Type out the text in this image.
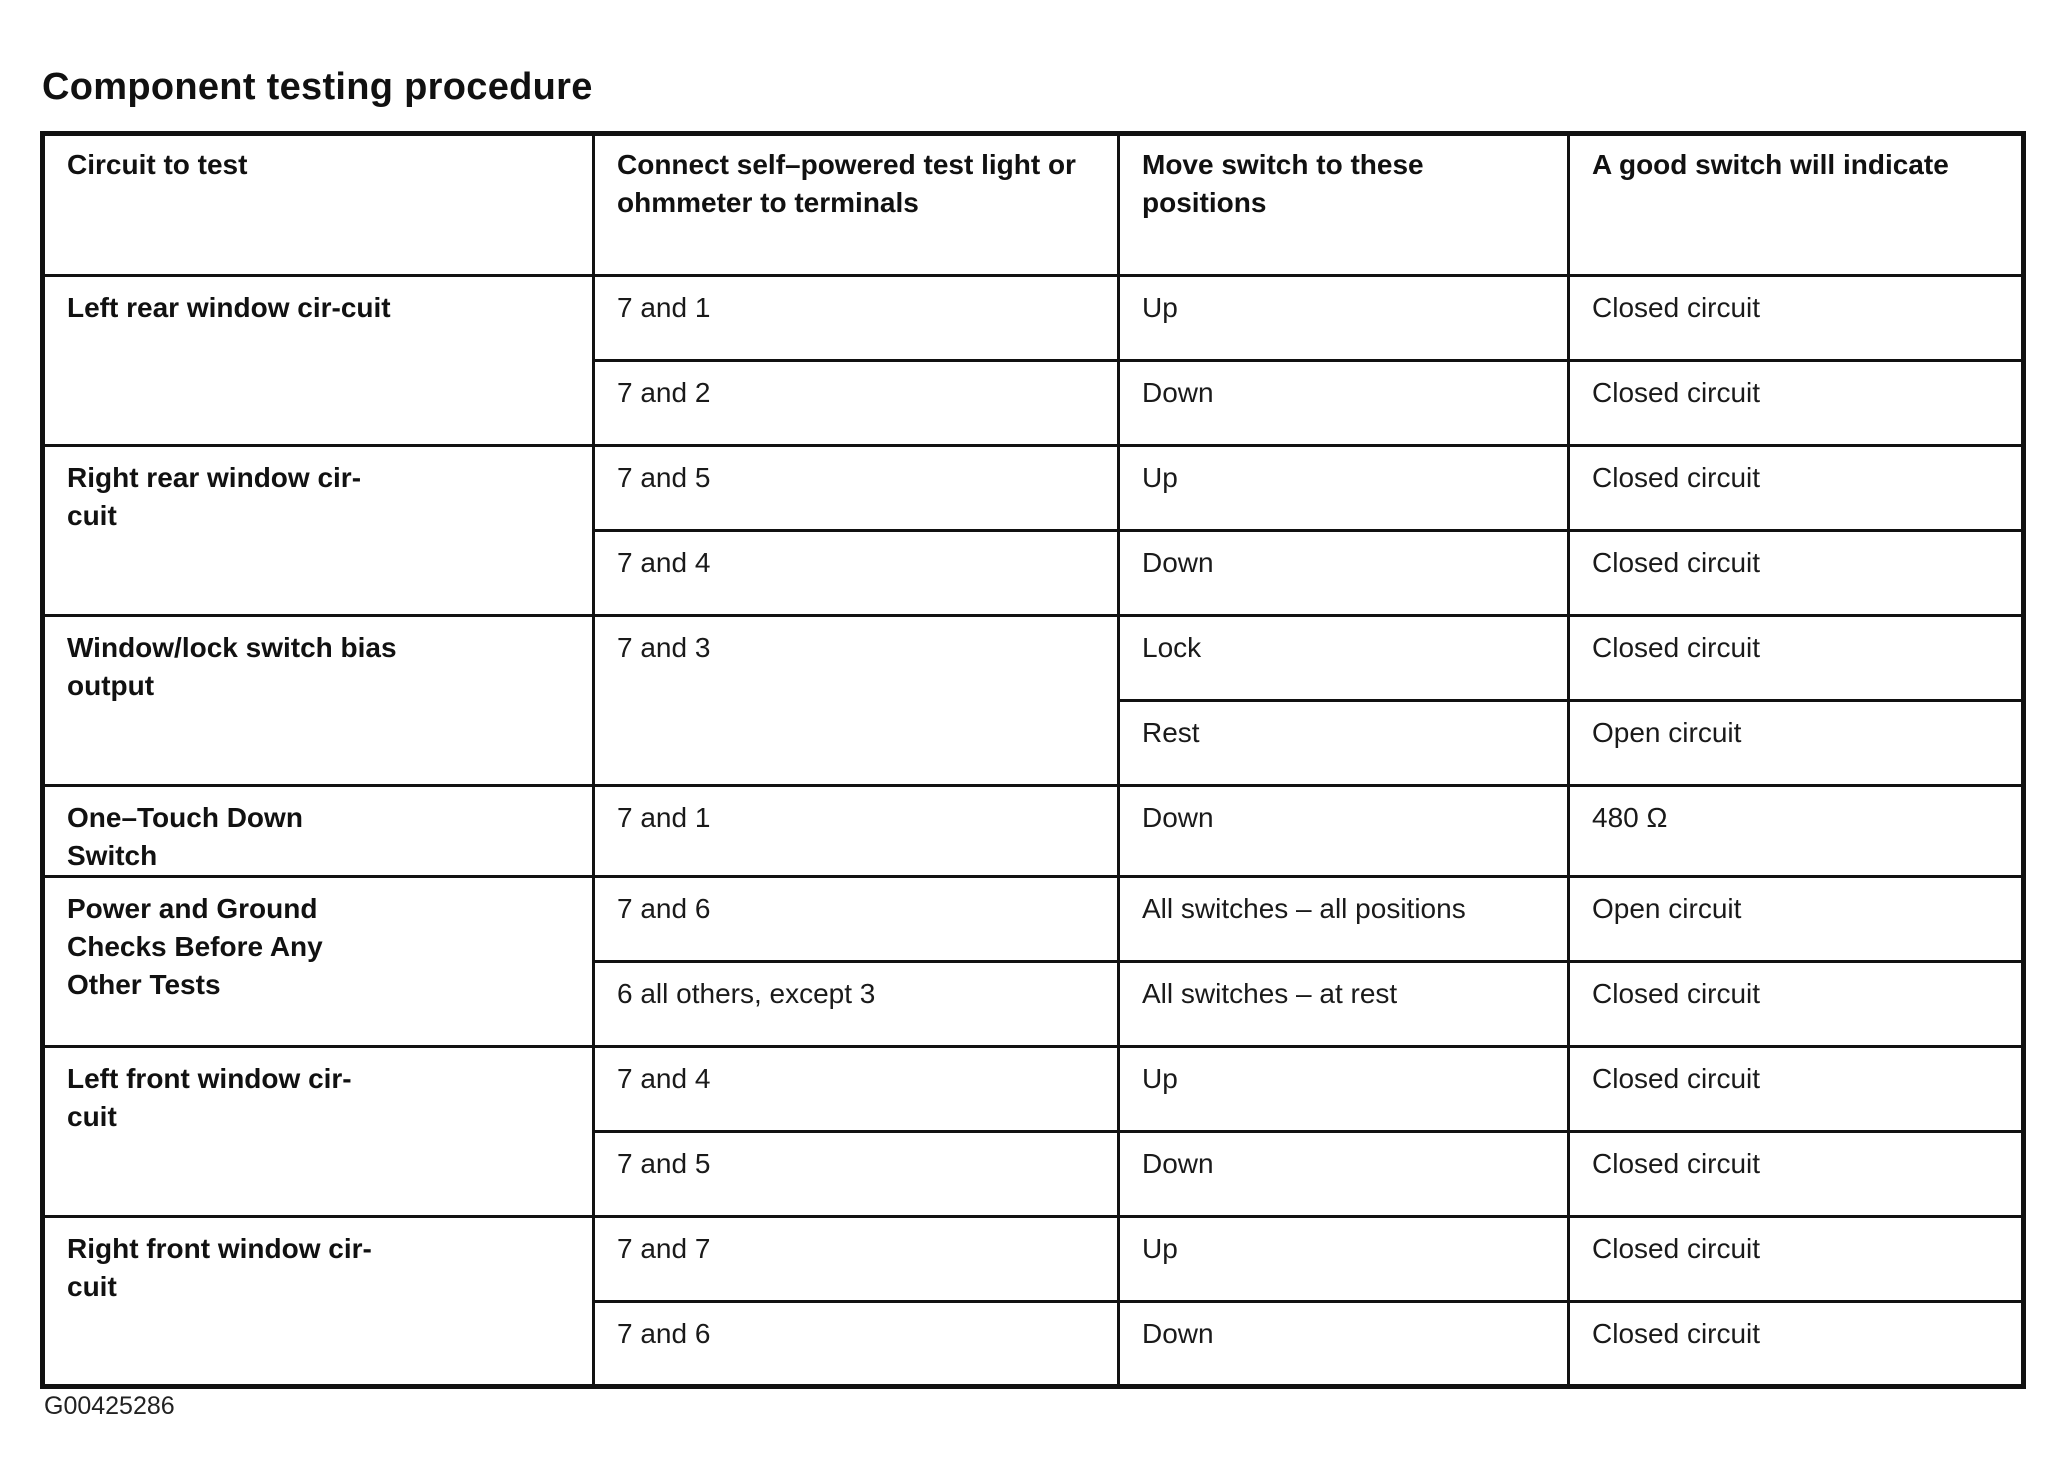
Component testing procedure
Circuit to test	Connect self–powered test light or ohmmeter to terminals	Move switch to these positions	A good switch will indicate

Left rear window cir-cuit	7 and 1	Up	Closed circuit
	7 and 2	Down	Closed circuit

Right rear window cir-cuit	7 and 5	Up	Closed circuit
	7 and 4	Down	Closed circuit

Window/lock switch bias output	7 and 3	Lock	Closed circuit
		Rest	Open circuit

One–Touch Down Switch	7 and 1	Down	480 Ω

Power and Ground Checks Before Any Other Tests	7 and 6	All switches – all positions	Open circuit
	6 all others, except 3	All switches – at rest	Closed circuit

Left front window cir-cuit	7 and 4	Up	Closed circuit
	7 and 5	Down	Closed circuit

Right front window cir-cuit	7 and 7	Up	Closed circuit
	7 and 6	Down	Closed circuit
G00425286
